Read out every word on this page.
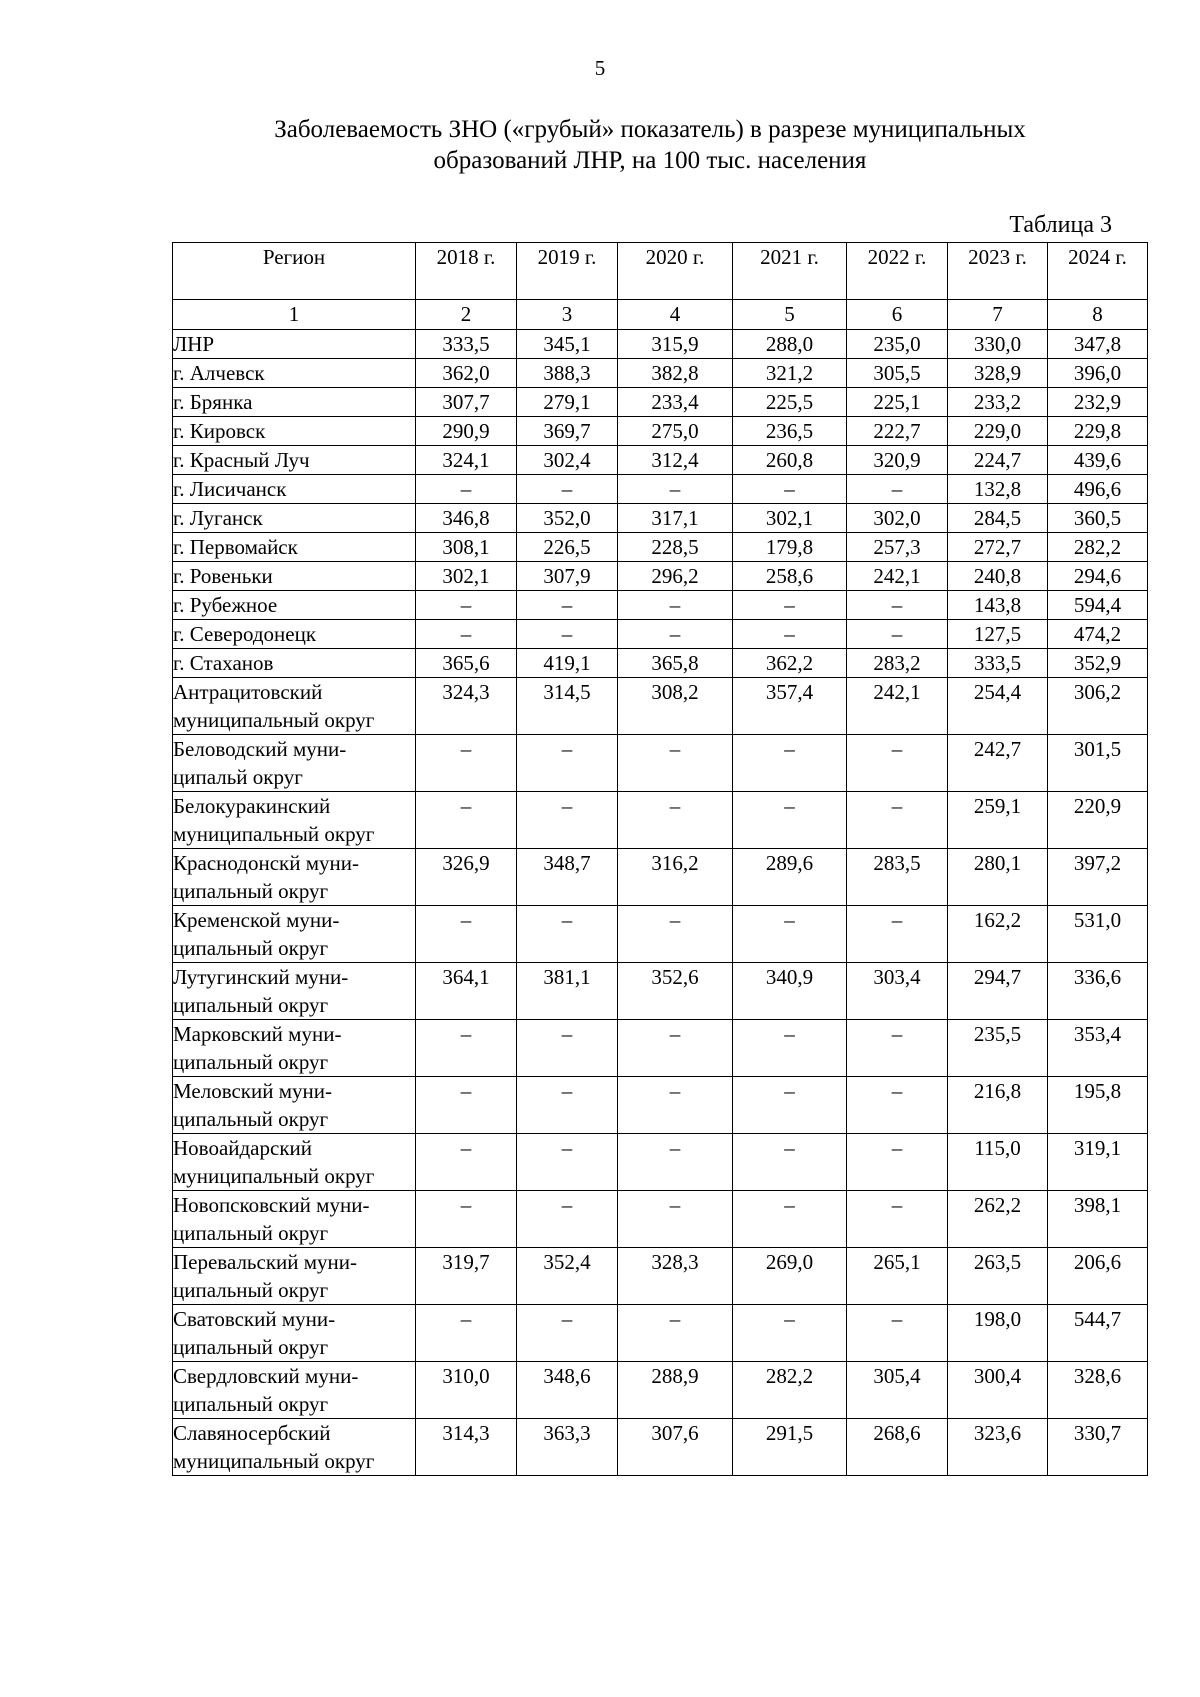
5
Заболеваемость ЗНО («грубый» показатель) в разрезе муниципальных
образований ЛНР, на 100 тыс. населения
Таблица 3
Регион	2018 г.	2019 г.	2020 г.	2021 г.	2022 г.	2023 г.	2024 г.
1	2	3	4	5	6	7	8
ЛНР	333,5	345,1	315,9	288,0	235,0	330,0	347,8
г. Алчевск	362,0	388,3	382,8	321,2	305,5	328,9	396,0
г. Брянка	307,7	279,1	233,4	225,5	225,1	233,2	232,9
г. Кировск	290,9	369,7	275,0	236,5	222,7	229,0	229,8
г. Красный Луч	324,1	302,4	312,4	260,8	320,9	224,7	439,6
г. Лисичанск	–	–	–	–	–	132,8	496,6
г. Луганск	346,8	352,0	317,1	302,1	302,0	284,5	360,5
г. Первомайск	308,1	226,5	228,5	179,8	257,3	272,7	282,2
г. Ровеньки	302,1	307,9	296,2	258,6	242,1	240,8	294,6
г. Рубежное	–	–	–	–	–	143,8	594,4
г. Северодонецк	–	–	–	–	–	127,5	474,2
г. Стаханов	365,6	419,1	365,8	362,2	283,2	333,5	352,9
Антрацитовский муниципальный округ	324,3	314,5	308,2	357,4	242,1	254,4	306,2
Беловодский муни-ципальй округ	–	–	–	–	–	242,7	301,5
Белокуракинский муниципальный округ	–	–	–	–	–	259,1	220,9
Краснодонскй муни-ципальный округ	326,9	348,7	316,2	289,6	283,5	280,1	397,2
Кременской муни-ципальный округ	–	–	–	–	–	162,2	531,0
Лутугинский муни-ципальный округ	364,1	381,1	352,6	340,9	303,4	294,7	336,6
Марковский муни-ципальный округ	–	–	–	–	–	235,5	353,4
Меловский муни-ципальный округ	–	–	–	–	–	216,8	195,8
Новоайдарский муниципальный округ	–	–	–	–	–	115,0	319,1
Новопсковский муни-ципальный округ	–	–	–	–	–	262,2	398,1
Перевальский муни-ципальный округ	319,7	352,4	328,3	269,0	265,1	263,5	206,6
Сватовский муни-ципальный округ	–	–	–	–	–	198,0	544,7
Свердловский муни-ципальный округ	310,0	348,6	288,9	282,2	305,4	300,4	328,6
Славяносербский муниципальный округ	314,3	363,3	307,6	291,5	268,6	323,6	330,7
